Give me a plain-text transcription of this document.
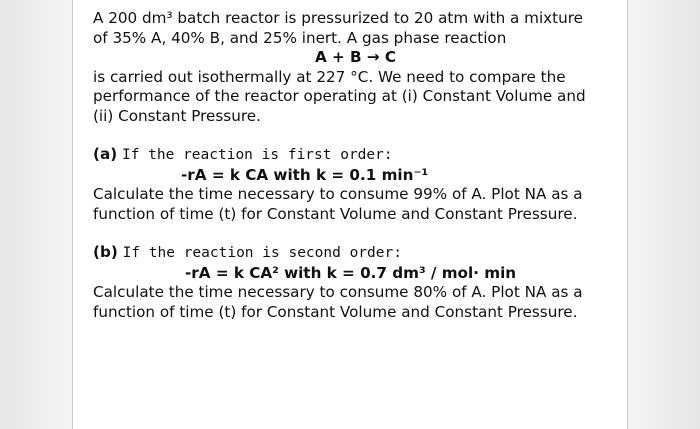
A 200 dm³ batch reactor is pressurized to 20 atm with a mixture
of 35% A, 40% B, and 25% inert. A gas phase reaction
A + B → C
is carried out isothermally at 227 °C. We need to compare the
performance of the reactor operating at (i) Constant Volume and
(ii) Constant Pressure.
(a) If the reaction is first order:
-rA = k CA with k = 0.1 min⁻¹
Calculate the time necessary to consume 99% of A. Plot NA as a
function of time (t) for Constant Volume and Constant Pressure.
(b) If the reaction is second order:
-rA = k CA² with k = 0.7 dm³ / mol· min
Calculate the time necessary to consume 80% of A. Plot NA as a
function of time (t) for Constant Volume and Constant Pressure.
